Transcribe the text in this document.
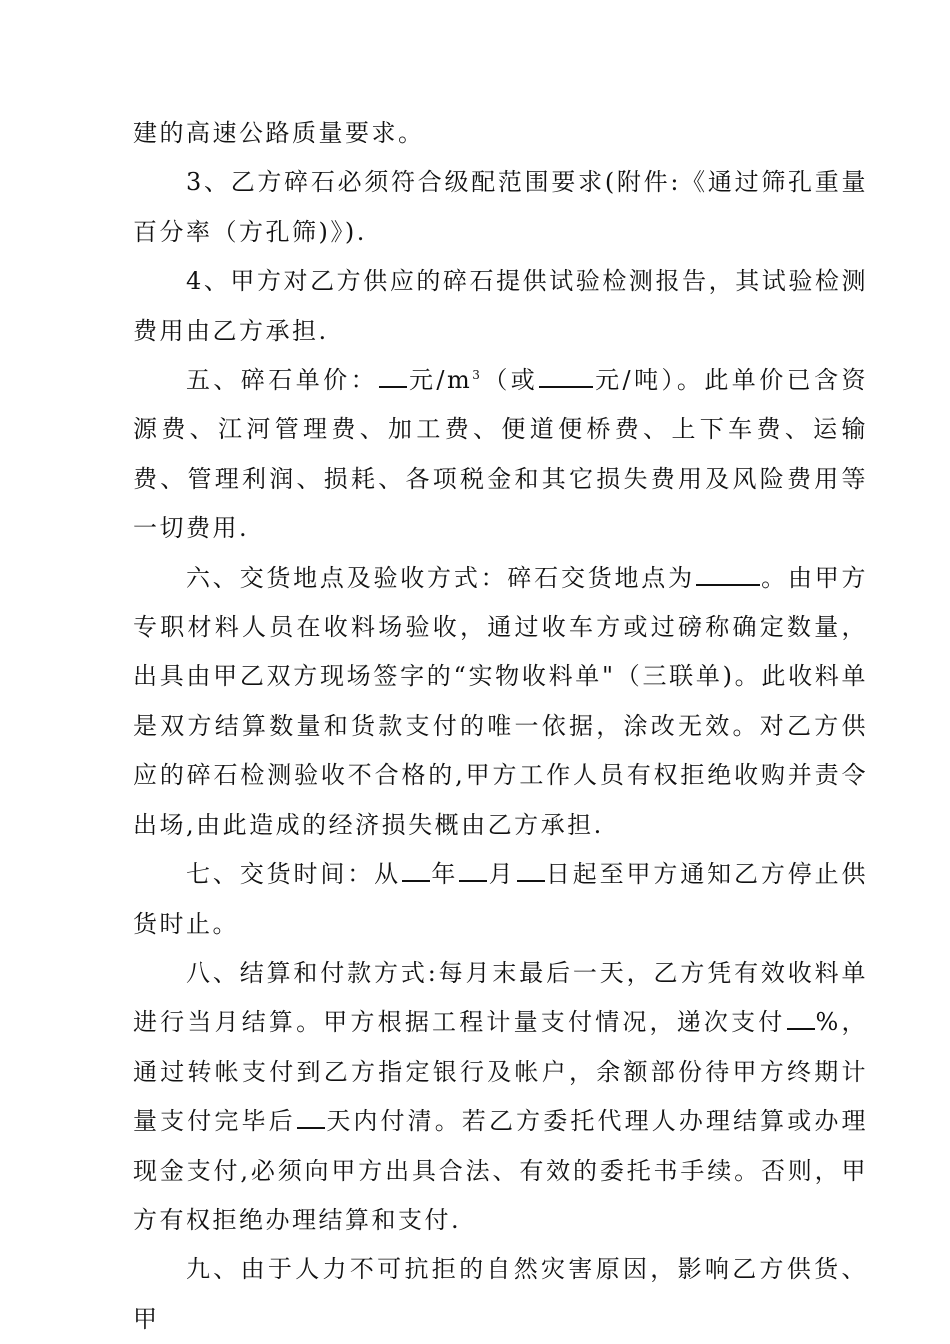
建的高速公路质量要求。

3、乙方碎石必须符合级配范围要求(附件:《通过筛孔重量百分率（方孔筛)》).

4、甲方对乙方供应的碎石提供试验检测报告，其试验检测费用由乙方承担.

五、碎石单价： 元$/m^3$（或 元/吨）。此单价已含资源费、江河管理费、加工费、便道便桥费、上下车费、运输费、管理利润、损耗、各项税金和其它损失费用及风险费用等一切费用.

六、交货地点及验收方式：碎石交货地点为	。由甲方专职材料人员在收料场验收，通过收车方或过磅称确定数量，出具由甲乙双方现场签字的“实物收料单"（三联单)。此收料单是双方结算数量和货款支付的唯一依据，涂改无效。对乙方供应的碎石检测验收不合格的,甲方工作人员有权拒绝收购并责令出场,由此造成的经济损失概由乙方承担.

七、交货时间：从 年 月 日起至甲方通知乙方停止供货时止。

八、结算和付款方式:每月末最后一天，乙方凭有效收料单进行当月结算。甲方根据工程计量支付情况，递次支付 %，通过转帐支付到乙方指定银行及帐户，余额部份待甲方终期计量支付完毕后 天内付清。若乙方委托代理人办理结算或办理现金支付,必须向甲方出具合法、有效的委托书手续。否则，甲方有权拒绝办理结算和支付.

九、由于人力不可抗拒的自然灾害原因，影响乙方供货、甲
